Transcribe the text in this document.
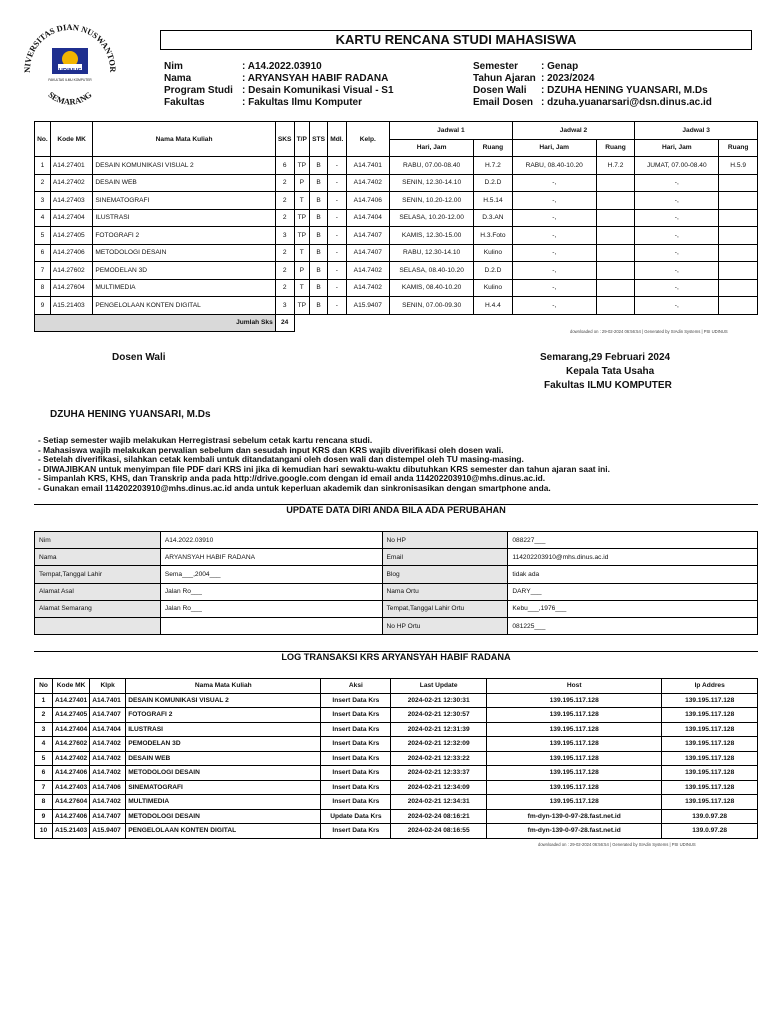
NIVERSITAS DIAN NUSWANTOR
UDINUS
FAKULTAS ILMU KOMPUTER
SEMARANG
KARTU RENCANA STUDI MAHASISWA
Nim	: A14.2022.03910
Nama	: ARYANSYAH HABIF RADANA
Program Studi : Desain Komunikasi Visual - S1
Fakultas	: Fakultas Ilmu Komputer
Semester : Genap
Tahun Ajaran : 2023/2024
Dosen Wali : DZUHA HENING YUANSARI, M.Ds
Email Dosen : dzuha.yuanarsari@dsn.dinus.ac.id
No.	Kode MK	Nama Mata Kuliah	SKS	T/P	STS	Mdl.	Kelp.	Jadwal 1		Jadwal 2		Jadwal 3	
								Hari, Jam	Ruang	Hari, Jam	Ruang	Hari, Jam	Ruang
1	A14.27401	DESAIN KOMUNIKASI VISUAL 2	6	TP	B	-	A14.7401	RABU, 07.00-08.40	H.7.2	RABU, 08.40-10.20	H.7.2	JUMAT, 07.00-08.40	H.5.9
2	A14.27402	DESAIN WEB	2	P	B	-	A14.7402	SENIN, 12.30-14.10	D.2.D	-,		-,	
3	A14.27403	SINEMATOGRAFI	2	T	B	-	A14.7406	SENIN, 10.20-12.00	H.5.14	-,		-,	
4	A14.27404	ILUSTRASI	2	TP	B	-	A14.7404	SELASA, 10.20-12.00	D.3.AN	-,		-,	
5	A14.27405	FOTOGRAFI 2	3	TP	B	-	A14.7407	KAMIS, 12.30-15.00	H.3.Foto	-,		-,	
6	A14.27406	METODOLOGI DESAIN	2	T	B	-	A14.7407	RABU, 12.30-14.10	Kulino	-,		-,	
7	A14.27602	PEMODELAN 3D	2	P	B	-	A14.7402	SELASA, 08.40-10.20	D.2.D	-,		-,	
8	A14.27604	MULTIMEDIA	2	T	B	-	A14.7402	KAMIS, 08.40-10.20	Kulino	-,		-,	
9	A15.21403	PENGELOLAAN KONTEN DIGITAL	3	TP	B	-	A15.9407	SENIN, 07.00-09.30	H.4.4	-,		-,	
Jumlah Sks			24										
downloaded on : 29-02-2024 06:56:54 | Generated by SIAdin Systems | PSI UDINUS
Dosen Wali	Semarang,29 Februari 2024
Kepala Tata Usaha
Fakultas ILMU KOMPUTER
DZUHA HENING YUANSARI, M.Ds
- Setiap semester wajib melakukan Herregistrasi sebelum cetak kartu rencana studi.
- Mahasiswa wajib melakukan perwalian sebelum dan sesudah input KRS dan KRS wajib diverifikasi oleh dosen wali.
- Setelah diverifikasi, silahkan cetak kembali untuk ditandatangani oleh dosen wali dan distempel oleh TU masing-masing.
- DIWAJIBKAN untuk menyimpan file PDF dari KRS ini jika di kemudian hari sewaktu-waktu dibutuhkan KRS semester dan tahun ajaran saat ini.
- Simpanlah KRS, KHS, dan Transkrip anda pada http://drive.google.com dengan id email anda 114202203910@mhs.dinus.ac.id.
- Gunakan email 114202203910@mhs.dinus.ac.id anda untuk keperluan akademik dan sinkronisasikan dengan smartphone anda.
UPDATE DATA DIRI ANDA BILA ADA PERUBAHAN
Nim	A14.2022.03910	No HP	088227___
Nama	ARYANSYAH HABIF RADANA	Email	114202203910@mhs.dinus.ac.id
Tempat,Tanggal Lahir	Sema___,2004___	Blog	tidak ada
Alamat Asal	Jalan Ro___	Nama Ortu	DARY___
Alamat Semarang	Jalan Ro___	Tempat,Tanggal Lahir Ortu	Kebu___,1976___
		No HP Ortu	081225___
LOG TRANSAKSI KRS ARYANSYAH HABIF RADANA
No	Kode MK	Klpk	Nama Mata Kuliah	Aksi	Last Update	Host	Ip Addres
1	A14.27401	A14.7401	DESAIN KOMUNIKASI VISUAL 2	Insert Data Krs	2024-02-21 12:30:31	139.195.117.128	139.195.117.128
2	A14.27405	A14.7407	FOTOGRAFI 2	Insert Data Krs	2024-02-21 12:30:57	139.195.117.128	139.195.117.128
3	A14.27404	A14.7404	ILUSTRASI	Insert Data Krs	2024-02-21 12:31:39	139.195.117.128	139.195.117.128
4	A14.27602	A14.7402	PEMODELAN 3D	Insert Data Krs	2024-02-21 12:32:09	139.195.117.128	139.195.117.128
5	A14.27402	A14.7402	DESAIN WEB	Insert Data Krs	2024-02-21 12:33:22	139.195.117.128	139.195.117.128
6	A14.27406	A14.7402	METODOLOGI DESAIN	Insert Data Krs	2024-02-21 12:33:37	139.195.117.128	139.195.117.128
7	A14.27403	A14.7406	SINEMATOGRAFI	Insert Data Krs	2024-02-21 12:34:09	139.195.117.128	139.195.117.128
8	A14.27604	A14.7402	MULTIMEDIA	Insert Data Krs	2024-02-21 12:34:31	139.195.117.128	139.195.117.128
9	A14.27406	A14.7407	METODOLOGI DESAIN	Update Data Krs	2024-02-24 08:16:21	fm-dyn-139-0-97-28.fast.net.id	139.0.97.28
10	A15.21403	A15.9407	PENGELOLAAN KONTEN DIGITAL	Insert Data Krs	2024-02-24 08:16:55	fm-dyn-139-0-97-28.fast.net.id	139.0.97.28
downloaded on : 29-02-2024 06:56:54 | Generated by SIAdin Systems | PSI UDINUS
